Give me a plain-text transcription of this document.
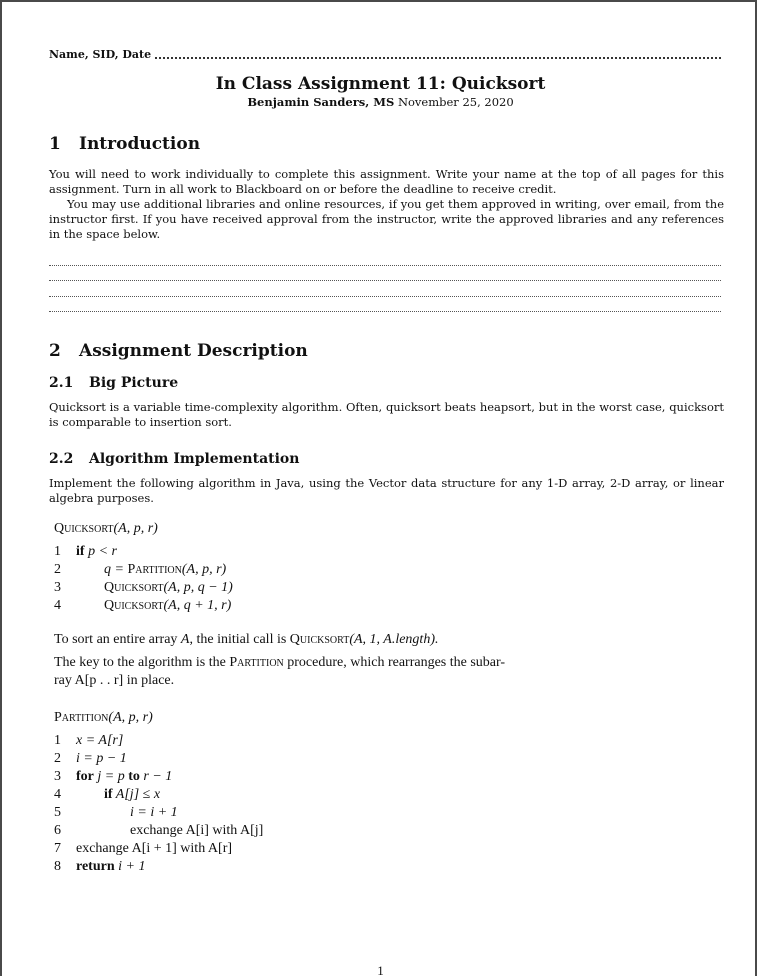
Name, SID, Date
In Class Assignment 11: Quicksort
Benjamin Sanders, MS November 25, 2020
1 Introduction

You will need to work individually to complete this assignment. Write your name at the top of all pages for this assignment. Turn in all work to Blackboard on or before the deadline to receive credit.

You may use additional libraries and online resources, if you get them approved in writing, over email, from the instructor first. If you have received approval from the instructor, write the approved libraries and any references in the space below.

2 Assignment Description
2.1 Big Picture

Quicksort is a variable time-complexity algorithm. Often, quicksort beats heapsort, but in the worst case, quicksort is comparable to insertion sort.

2.2 Algorithm Implementation

Implement the following algorithm in Java, using the Vector data structure for any 1-D array, 2-D array, or linear algebra purposes.

Quicksort (A, p, r)
1	if p < r
2	q = Partition(A, p, r)
3	Quicksort(A, p, q − 1)
4	Quicksort(A, q + 1, r)
To sort an entire array A, the initial call is Quicksort(A, 1, A.length).
The key to the algorithm is the Partition procedure, which rearranges the subar-
ray A[p . . r] in place.
Partition (A, p, r)
1	x = A[r]
2	i = p − 1
3	for j = p to r − 1
4	if A[j] ≤ x
5	i = i + 1
6	exchange A[i] with A[j]
7	exchange A[i + 1] with A[r]
8	return i + 1
1
